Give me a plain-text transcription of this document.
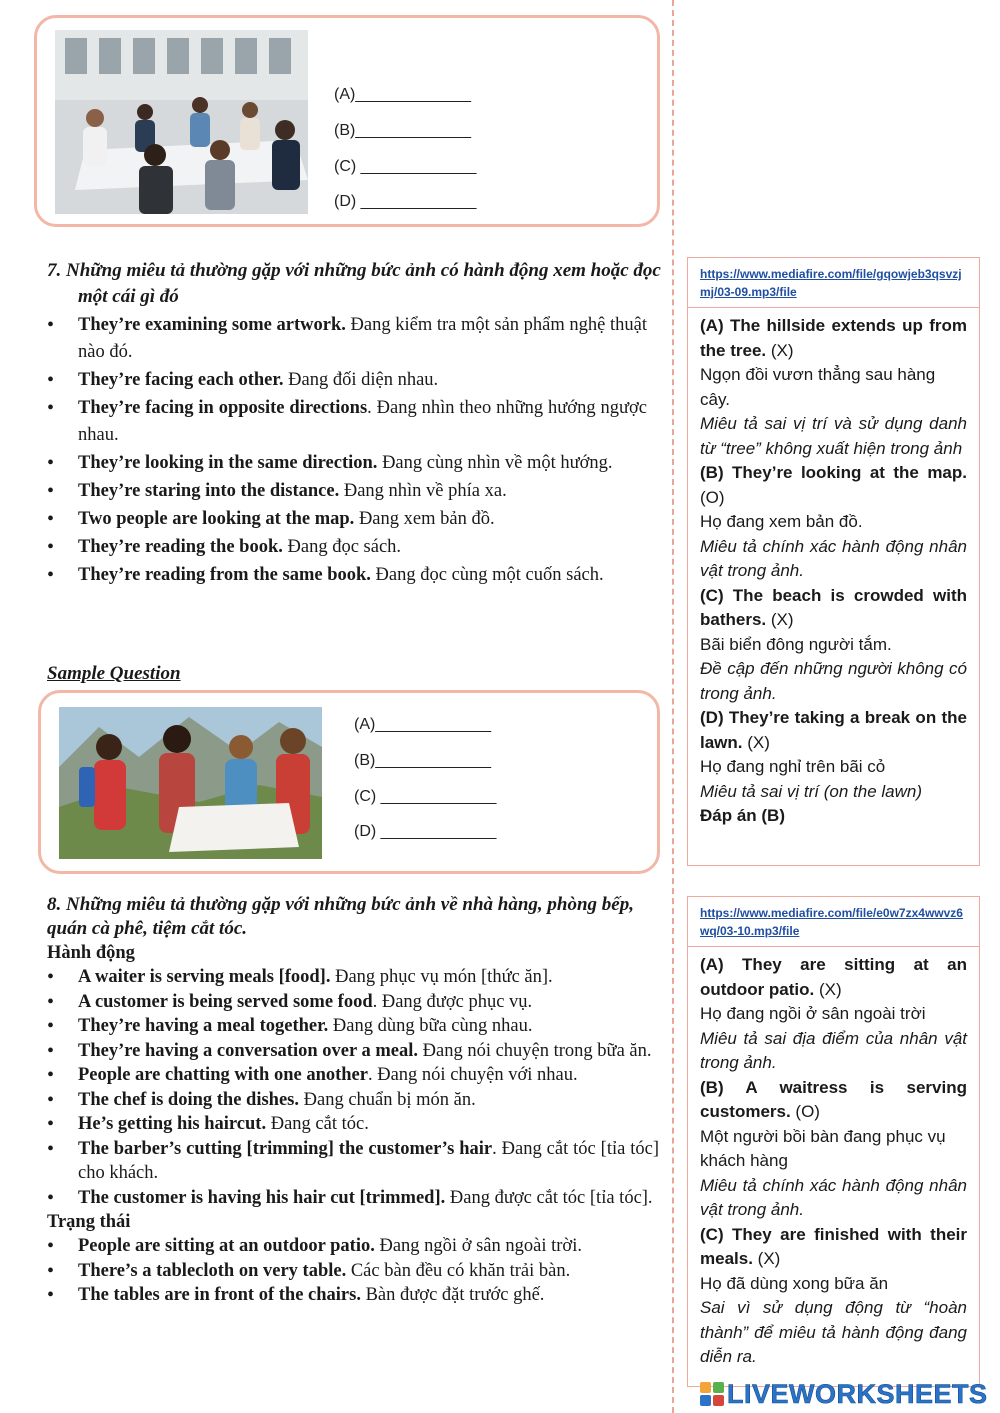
(A)_____________
(B)_____________
(C) _____________
(D) _____________
7. Những miêu tả thường gặp với những bức ảnh có hành động xem hoặc đọc một cái gì đó
• They’re examining some artwork. Đang kiểm tra một sản phẩm nghệ thuật nào đó.
• They’re facing each other. Đang đối diện nhau.
• They’re facing in opposite directions. Đang nhìn theo những hướng ngược nhau.
• They’re looking in the same direction. Đang cùng nhìn về một hướng.
• They’re staring into the distance. Đang nhìn về phía xa.
• Two people are looking at the map. Đang xem bản đồ.
• They’re reading the book. Đang đọc sách.
• They’re reading from the same book. Đang đọc cùng một cuốn sách.
Sample Question
(A)_____________
(B)_____________
(C) _____________
(D) _____________
8. Những miêu tả thường gặp với những bức ảnh về nhà hàng, phòng bếp, quán cà phê, tiệm cắt tóc.
Hành động
• A waiter is serving meals [food]. Đang phục vụ món [thức ăn].
• A customer is being served some food. Đang được phục vụ.
• They’re having a meal together. Đang dùng bữa cùng nhau.
• They’re having a conversation over a meal. Đang nói chuyện trong bữa ăn.
• People are chatting with one another. Đang nói chuyện với nhau.
• The chef is doing the dishes. Đang chuẩn bị món ăn.
• He’s getting his haircut. Đang cắt tóc.
• The barber’s cutting [trimming] the customer’s hair. Đang cắt tóc [tỉa tóc] cho khách.
• The customer is having his hair cut [trimmed]. Đang được cắt tóc [tỉa tóc].
Trạng thái
• People are sitting at an outdoor patio. Đang ngồi ở sân ngoài trời.
• There’s a tablecloth on very table. Các bàn đều có khăn trải bàn.
• The tables are in front of the chairs. Bàn được đặt trước ghế.
https://www.mediafire.com/file/gqowjeb3qsvzjmj/03-09.mp3/file
(A) The hillside extends up from the tree. (X)
Ngọn đồi vươn thẳng sau hàng cây.
Miêu tả sai vị trí và sử dụng danh từ “tree” không xuất hiện trong ảnh
(B) They’re looking at the map. (O)
Họ đang xem bản đồ.
Miêu tả chính xác hành động nhân vật trong ảnh.
(C) The beach is crowded with bathers. (X)
Bãi biển đông người tắm.
Đề cập đến những người không có trong ảnh.
(D) They’re taking a break on the lawn. (X)
Họ đang nghỉ trên bãi cỏ
Miêu tả sai vị trí (on the lawn)
Đáp án (B)
https://www.mediafire.com/file/e0w7zx4wwvz6wq/03-10.mp3/file
(A) They are sitting at an outdoor patio. (X)
Họ đang ngồi ở sân ngoài trời
Miêu tả sai địa điểm của nhân vật trong ảnh.
(B) A waitress is serving customers. (O)
Một người bồi bàn đang phục vụ khách hàng
Miêu tả chính xác hành động nhân vật trong ảnh.
(C) They are finished with their meals. (X)
Họ đã dùng xong bữa ăn
Sai vì sử dụng động từ “hoàn thành” để miêu tả hành động đang diễn ra.
LIVEWORKSHEETS
